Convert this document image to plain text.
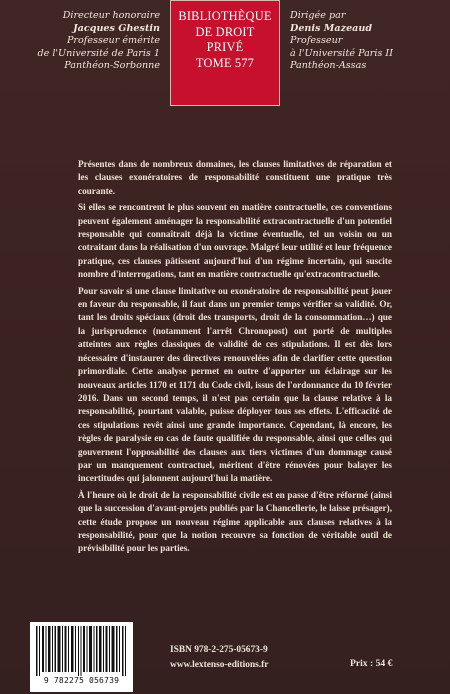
Directeur honoraire
Jacques Ghestin
Professeur émérite
de l'Université de Paris 1
Panthéon-Sorbonne
BIBLIOTHÈQUE
DE DROIT
PRIVÉ
TOME 577
Dirigée par
Denis Mazeaud
Professeur
à l'Université Paris II
Panthéon-Assas

Présentes dans de nombreux domaines, les clauses limitatives de réparation et les clauses exonératoires de responsabilité constituent une pratique très courante.

Si elles se rencontrent le plus souvent en matière contractuelle, ces conventions peuvent également aménager la responsabilité extracontractuelle d'un potentiel responsable qui connaîtrait déjà la victime éventuelle, tel un voisin ou un cotraitant dans la réalisation d'un ouvrage. Malgré leur utilité et leur fréquence pratique, ces clauses pâtissent aujourd'hui d'un régime incertain, qui suscite nombre d'interrogations, tant en matière contractuelle qu'extracontractuelle.

Pour savoir si une clause limitative ou exonératoire de responsabilité peut jouer en faveur du responsable, il faut dans un premier temps vérifier sa validité. Or, tant les droits spéciaux (droit des transports, droit de la consommation…) que la jurisprudence (notamment l'arrêt Chronopost) ont porté de multiples atteintes aux règles classiques de validité de ces stipulations. Il est dès lors nécessaire d'instaurer des directives renouvelées afin de clarifier cette question primordiale. Cette analyse permet en outre d'apporter un éclairage sur les nouveaux articles 1170 et 1171 du Code civil, issus de l'ordonnance du 10 février 2016. Dans un second temps, il n'est pas certain que la clause relative à la responsabilité, pourtant valable, puisse déployer tous ses effets. L'efficacité de ces stipulations revêt ainsi une grande importance. Cependant, là encore, les règles de paralysie en cas de faute qualifiée du responsable, ainsi que celles qui gouvernent l'opposabilité des clauses aux tiers victimes d'un dommage causé par un manquement contractuel, méritent d'être rénovées pour balayer les incertitudes qui jalonnent aujourd'hui la matière.

À l'heure où le droit de la responsabilité civile est en passe d'être réformé (ainsi que la succession d'avant-projets publiés par la Chancellerie, le laisse présager), cette étude propose un nouveau régime applicable aux clauses relatives à la responsabilité, pour que la notion recouvre sa fonction de véritable outil de prévisibilité pour les parties.

9 782275 056739
ISBN 978-2-275-05673-9
www.lextenso-editions.fr	Prix : 54 €
